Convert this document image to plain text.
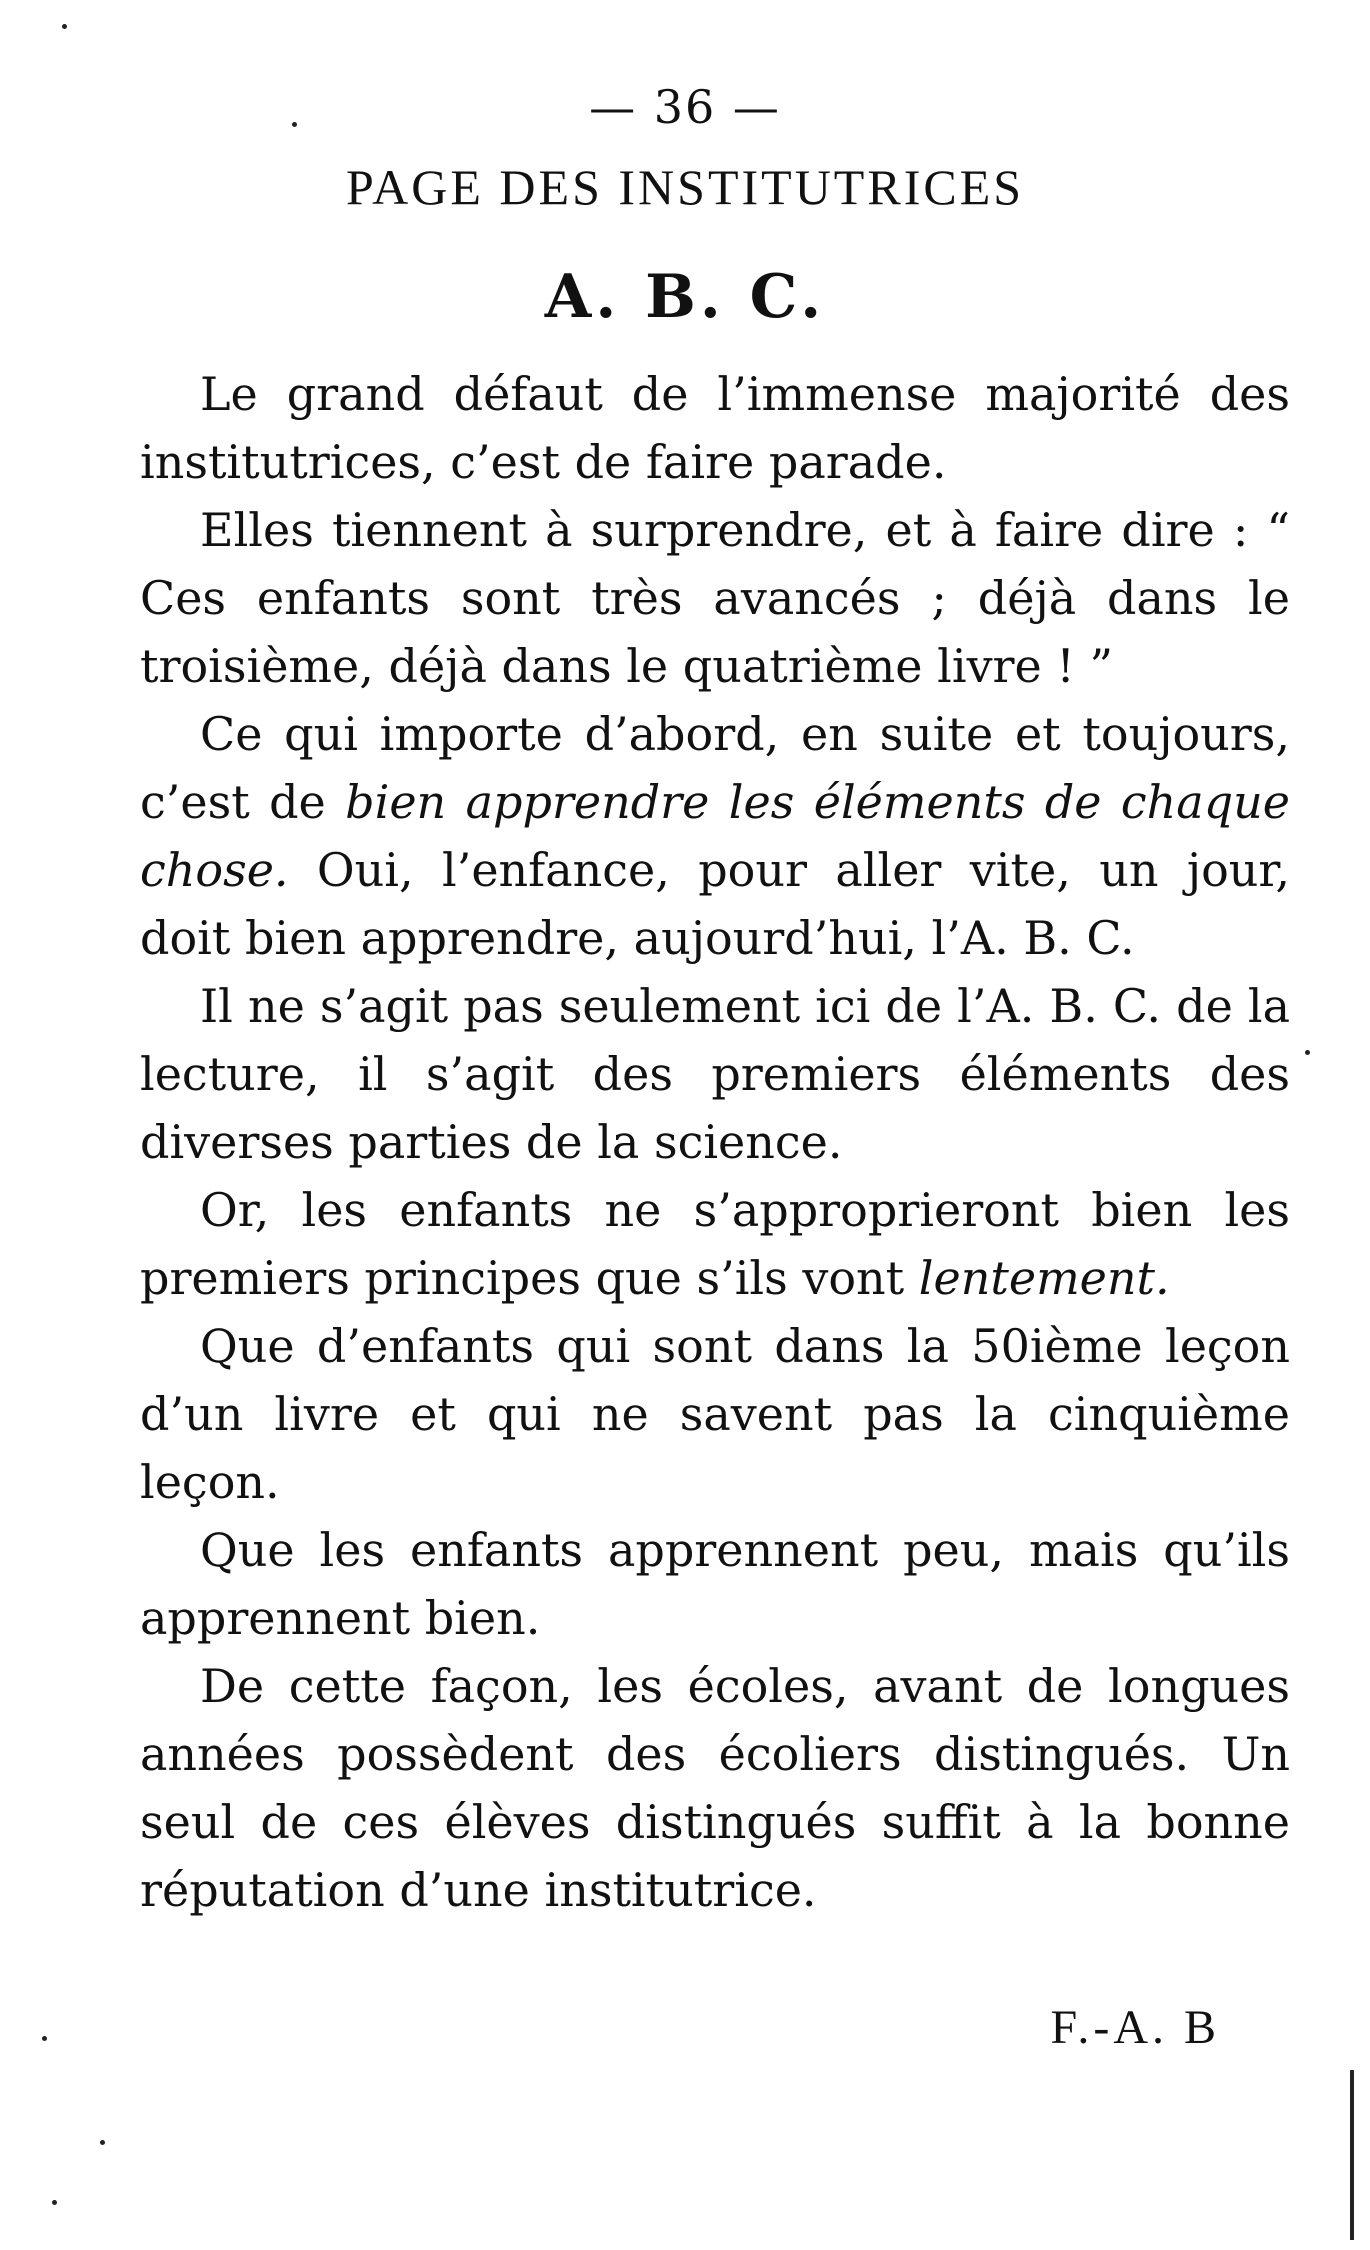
— 36 —
PAGE DES INSTITUTRICES
A. B. C.

Le grand défaut de l’immense majorité des institutrices, c’est de faire parade.

Elles tiennent à surprendre, et à faire dire : “ Ces enfants sont très avancés ; déjà dans le troisième, déjà dans le quatrième livre ! ”

Ce qui importe d’abord, en suite et toujours, c’est de bien apprendre les éléments de chaque chose. Oui, l’enfance, pour aller vite, un jour, doit bien apprendre, aujourd’hui, l’A. B. C.

Il ne s’agit pas seulement ici de l’A. B. C. de la lecture, il s’agit des premiers éléments des diverses parties de la science.

Or, les enfants ne s’approprieront bien les premiers principes que s’ils vont lentement.

Que d’enfants qui sont dans la 50ième leçon d’un livre et qui ne savent pas la cinquième leçon.

Que les enfants apprennent peu, mais qu’ils apprennent bien.

De cette façon, les écoles, avant de longues années possèdent des écoliers distingués. Un seul de ces élèves distingués suffit à la bonne réputation d’une institutrice.

F.-A. B
